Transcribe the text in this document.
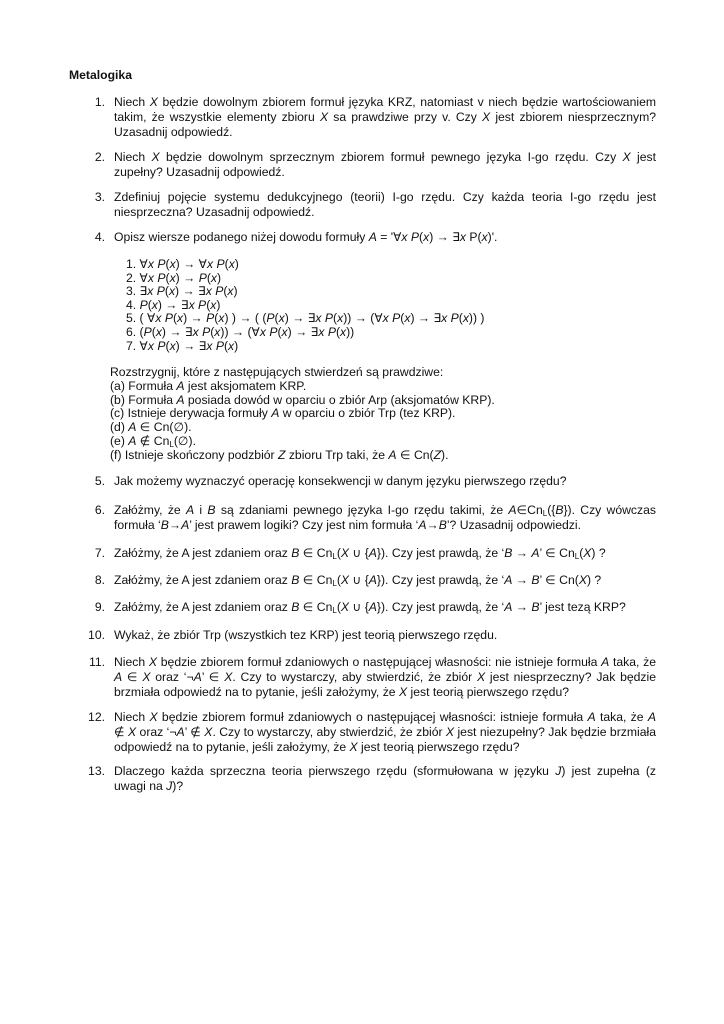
Metalogika
1. Niech X będzie dowolnym zbiorem formuł języka KRZ, natomiast v niech będzie wartościowaniem takim, że wszystkie elementy zbioru X sa prawdziwe przy v. Czy X jest zbiorem niesprzecznym? Uzasadnij odpowiedź.
2. Niech X będzie dowolnym sprzecznym zbiorem formuł pewnego języka I-go rzędu. Czy X jest zupełny? Uzasadnij odpowiedź.
3. Zdefiniuj pojęcie systemu dedukcyjnego (teorii) I-go rzędu. Czy każda teoria I-go rzędu jest niesprzeczna? Uzasadnij odpowiedź.
4. Opisz wiersze podanego niżej dowodu formuły A = '∀x P(x) → ∃x P(x)'.
1. ∀x P(x) → ∀x P(x)
2. ∀x P(x) → P(x)
3. ∃x P(x) → ∃x P(x)
4. P(x) → ∃x P(x)
5. ( ∀x P(x) → P(x) ) → ( (P(x) → ∃x P(x)) → (∀x P(x) → ∃x P(x)) )
6. (P(x) → ∃x P(x)) → (∀x P(x) → ∃x P(x))
7. ∀x P(x) → ∃x P(x)
Rozstrzygnij, które z następujących stwierdzeń są prawdziwe:
(a) Formuła A jest aksjomatem KRP.
(b) Formuła A posiada dowód w oparciu o zbiór Arp (aksjomatów KRP).
(c) Istnieje derywacja formuły A w oparciu o zbiór Trp (tez KRP).
(d) A ∈ Cn(∅).
(e) A ∉ $Cn_L(\emptyset)$.
(f) Istnieje skończony podzbiór Z zbioru Trp taki, że A ∈ Cn(Z).
5. Jak możemy wyznaczyć operację konsekwencji w danym języku pierwszego rzędu?
6. Załóżmy, że A i B są zdaniami pewnego języka I-go rzędu takimi, że $A\in Cn_L(\{B\})$. Czy wówczas formuła ‘B→A’ jest prawem logiki? Czy jest nim formuła ‘A→B’? Uzasadnij odpowiedzi.
7. Załóżmy, że A jest zdaniem oraz B ∈ $Cn_L(X$ ∪ {A}). Czy jest prawdą, że ‘B → A’ ∈ $Cn_L(X)$ ?
8. Załóżmy, że A jest zdaniem oraz B ∈ $Cn_L(X$ ∪ {A}). Czy jest prawdą, że ‘A → B’ ∈ Cn(X) ?
9. Załóżmy, że A jest zdaniem oraz B ∈ $Cn_L(X$ ∪ {A}). Czy jest prawdą, że ‘A → B’ jest tezą KRP?
10. Wykaż, że zbiór Trp (wszystkich tez KRP) jest teorią pierwszego rzędu.
11. Niech X będzie zbiorem formuł zdaniowych o następującej własności: nie istnieje formuła A taka, że A ∈ X oraz ‘¬A’ ∈ X. Czy to wystarczy, aby stwierdzić, że zbiór X jest niesprzeczny? Jak będzie brzmiała odpowiedź na to pytanie, jeśli założymy, że X jest teorią pierwszego rzędu?
12. Niech X będzie zbiorem formuł zdaniowych o następującej własności: istnieje formuła A taka, że A ∉ X oraz ‘¬A’ ∉ X. Czy to wystarczy, aby stwierdzić, że zbiór X jest niezupełny? Jak będzie brzmiała odpowiedź na to pytanie, jeśli założymy, że X jest teorią pierwszego rzędu?
13. Dlaczego każda sprzeczna teoria pierwszego rzędu (sformułowana w języku J) jest zupełna (z uwagi na J)?
